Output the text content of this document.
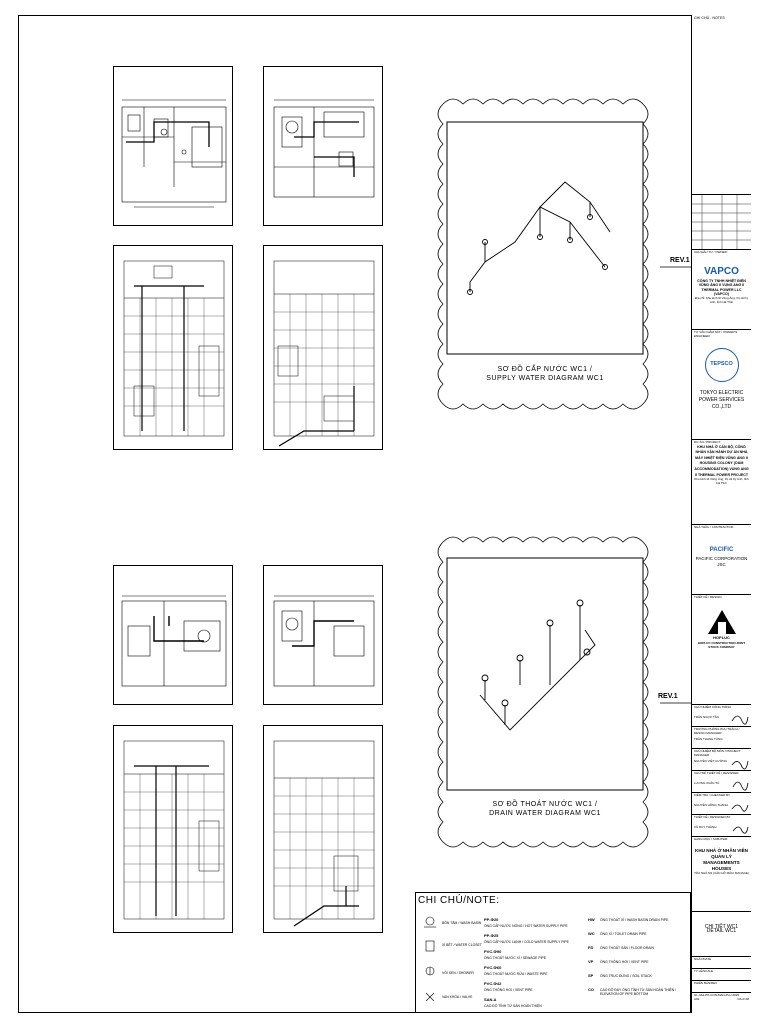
SƠ ĐỒ CẤP NƯỚC WC1 /
SUPPLY WATER DIAGRAM WC1
REV.1
SƠ ĐỒ THOÁT NƯỚC WC1 /
DRAIN WATER DIAGRAM WC1
REV.1
CHI CHÚ/NOTE:
BỒN TẮM / WASH BASIN
XÍ BỆT / WATER CLOSET
VÒI SEN / SHOWER
VAN KHÓA / VALVE
PP-Φ20
ỐNG CẤP NƯỚC NÓNG / HOT WATER SUPPLY PIPE
PP-Φ25
ỐNG CẤP NƯỚC LẠNH / COLD WATER SUPPLY PIPE
PVC-Φ90
ỐNG THOÁT NƯỚC XÍ / SEWAGE PIPE
PVC-Φ60
ỐNG THOÁT NƯỚC RỬA / WASTE PIPE
PVC-Φ42
ỐNG THÔNG HƠI / VENT PIPE
SAN.A
CAO ĐỘ TÍNH TỪ SÀN HOÀN THIỆN
HW ỐNG THOÁT XÍ / WASH BASIN DRAIN PIPE
WC ỐNG XÍ / TOILET DRAIN PIPE
FD ỐNG THOÁT SÀN / FLOOR DRAIN
VP ỐNG THÔNG HƠI / VENT PIPE
SP ỐNG TRỤC ĐỨNG / SOIL STACK
CO CAO ĐỘ ĐÁY ỐNG TÍNH TỪ SÀN HOÀN THIỆN / ELEVATION OF PIPE BOTTOM
GHI CHÚ - NOTES
CHỦ ĐẦU TƯ / OWNER:
VAPCO
CÔNG TY TNHH NHIỆT ĐIỆN VŨNG ÁNG II VUNG ANG II THERMAL POWER LLC (VAPCO)
Địa chỉ: Khu kinh tế Vũng Áng, thị xã Kỳ Anh, tỉnh Hà Tĩnh
TƯ VẤN GIÁM SÁT / OWNER'S ENGINEER:
TEPSCO
TOKYO ELECTRIC POWER SERVICES CO.,LTD
DỰ ÁN / PROJECT:
KHU NHÀ Ở CÁN BỘ, CÔNG NHÂN VẬN HÀNH DỰ ÁN NHÀ MÁY NHIỆT ĐIỆN VŨNG ÁNG II HOUSING COLONY (O&M ACCOMMODATION) VUNG ANG II THERMAL POWER PROJECT
Khu kinh tế Vũng Áng, thị xã Kỳ Anh, tỉnh Hà Tĩnh
NHÀ THẦU / CONTRACTOR:
PACIFIC
PACIFIC CORPORATION JSC
THIẾT KẾ / DESIGN:
HOPLUC
HOPLUC CONSTRUCTION JOINT STOCK COMPANY
CHỦ NHIỆM CÔNG TRÌNH
TRẦN NGỌC TÂN
TRƯỞNG PHÒNG PHỤ TRÁCH / DESIGN MANAGER
TRẦN THANH TÙNG
CHỦ NHIỆM BỘ MÔN / PROJECT MANAGER
NGUYỄN VIỆT CƯỜNG
CHỦ TRÌ THIẾT KẾ / DESIGNER
LƯƠNG XUÂN TÚ
KIỂM TRA / CHECKED BY
NGUYỄN HỒNG THANH
THIẾT KẾ / DESIGNED BY
VŨ DUY THÀNH
HẠNG MỤC / SUB-ITEM:
KHU NHÀ Ở NHÂN VIÊN QUẢN LÝ MANAGEMENTS HOUSES
TÒA NHÀ M1 (CĂN HỘ MẪU/ MANAGE)
CHI TIẾT WC1
DETAIL WC1
NGÀY/DATE
TỶ LỆ/SCALE
PHIÊN BẢN/REV
HL-VA2-PK-CON-MAN-PLU-0025
A02	GS-P-08
